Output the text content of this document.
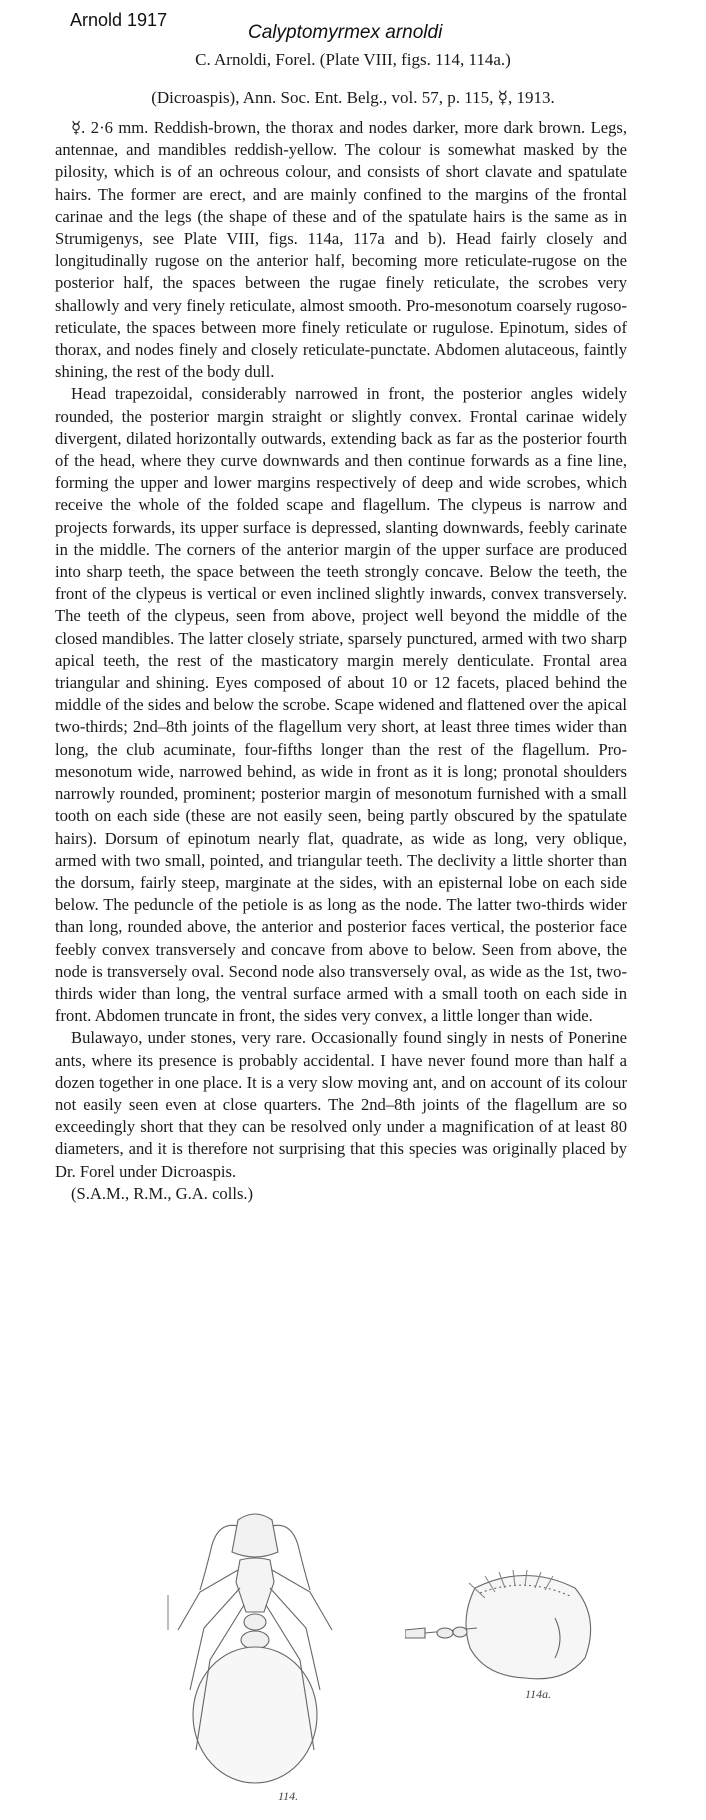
Arnold 1917
Calyptomyrmex arnoldi
C. Arnoldi, Forel. (Plate VIII, figs. 114, 114a.)
(Dicroaspis), Ann. Soc. Ent. Belg., vol. 57, p. 115, ☿, 1913.

☿. 2·6 mm. Reddish-brown, the thorax and nodes darker, more dark brown. Legs, antennae, and mandibles reddish-yellow. The colour is somewhat masked by the pilosity, which is of an ochreous colour, and consists of short clavate and spatulate hairs. The former are erect, and are mainly confined to the margins of the frontal carinae and the legs (the shape of these and of the spatulate hairs is the same as in Strumigenys, see Plate VIII, figs. 114a, 117a and b). Head fairly closely and longitudinally rugose on the anterior half, becoming more reticulate-rugose on the posterior half, the spaces between the rugae finely reticulate, the scrobes very shallowly and very finely reticulate, almost smooth. Pro-mesonotum coarsely rugoso-reticulate, the spaces between more finely reticulate or rugulose. Epinotum, sides of thorax, and nodes finely and closely reticulate-punctate. Abdomen alutaceous, faintly shining, the rest of the body dull.

Head trapezoidal, considerably narrowed in front, the posterior angles widely rounded, the posterior margin straight or slightly convex. Frontal carinae widely divergent, dilated horizontally outwards, extending back as far as the posterior fourth of the head, where they curve downwards and then continue forwards as a fine line, forming the upper and lower margins respectively of deep and wide scrobes, which receive the whole of the folded scape and flagellum. The clypeus is narrow and projects forwards, its upper surface is depressed, slanting downwards, feebly carinate in the middle. The corners of the anterior margin of the upper surface are produced into sharp teeth, the space between the teeth strongly concave. Below the teeth, the front of the clypeus is vertical or even inclined slightly inwards, convex transversely. The teeth of the clypeus, seen from above, project well beyond the middle of the closed mandibles. The latter closely striate, sparsely punctured, armed with two sharp apical teeth, the rest of the masticatory margin merely denticulate. Frontal area triangular and shining. Eyes composed of about 10 or 12 facets, placed behind the middle of the sides and below the scrobe. Scape widened and flattened over the apical two-thirds; 2nd–8th joints of the flagellum very short, at least three times wider than long, the club acuminate, four-fifths longer than the rest of the flagellum. Pro-mesonotum wide, narrowed behind, as wide in front as it is long; pronotal shoulders narrowly rounded, prominent; posterior margin of mesonotum furnished with a small tooth on each side (these are not easily seen, being partly obscured by the spatulate hairs). Dorsum of epinotum nearly flat, quadrate, as wide as long, very oblique, armed with two small, pointed, and triangular teeth. The declivity a little shorter than the dorsum, fairly steep, marginate at the sides, with an episternal lobe on each side below. The peduncle of the petiole is as long as the node. The latter two-thirds wider than long, rounded above, the anterior and posterior faces vertical, the posterior face feebly convex transversely and concave from above to below. Seen from above, the node is transversely oval. Second node also transversely oval, as wide as the 1st, two-thirds wider than long, the ventral surface armed with a small tooth on each side in front. Abdomen truncate in front, the sides very convex, a little longer than wide.

Bulawayo, under stones, very rare. Occasionally found singly in nests of Ponerine ants, where its presence is probably accidental. I have never found more than half a dozen together in one place. It is a very slow moving ant, and on account of its colour not easily seen even at close quarters. The 2nd–8th joints of the flagellum are so exceedingly short that they can be resolved only under a magnification of at least 80 diameters, and it is therefore not surprising that this species was originally placed by Dr. Forel under Dicroaspis.

(S.A.M., R.M., G.A. colls.)

114.
114a.
